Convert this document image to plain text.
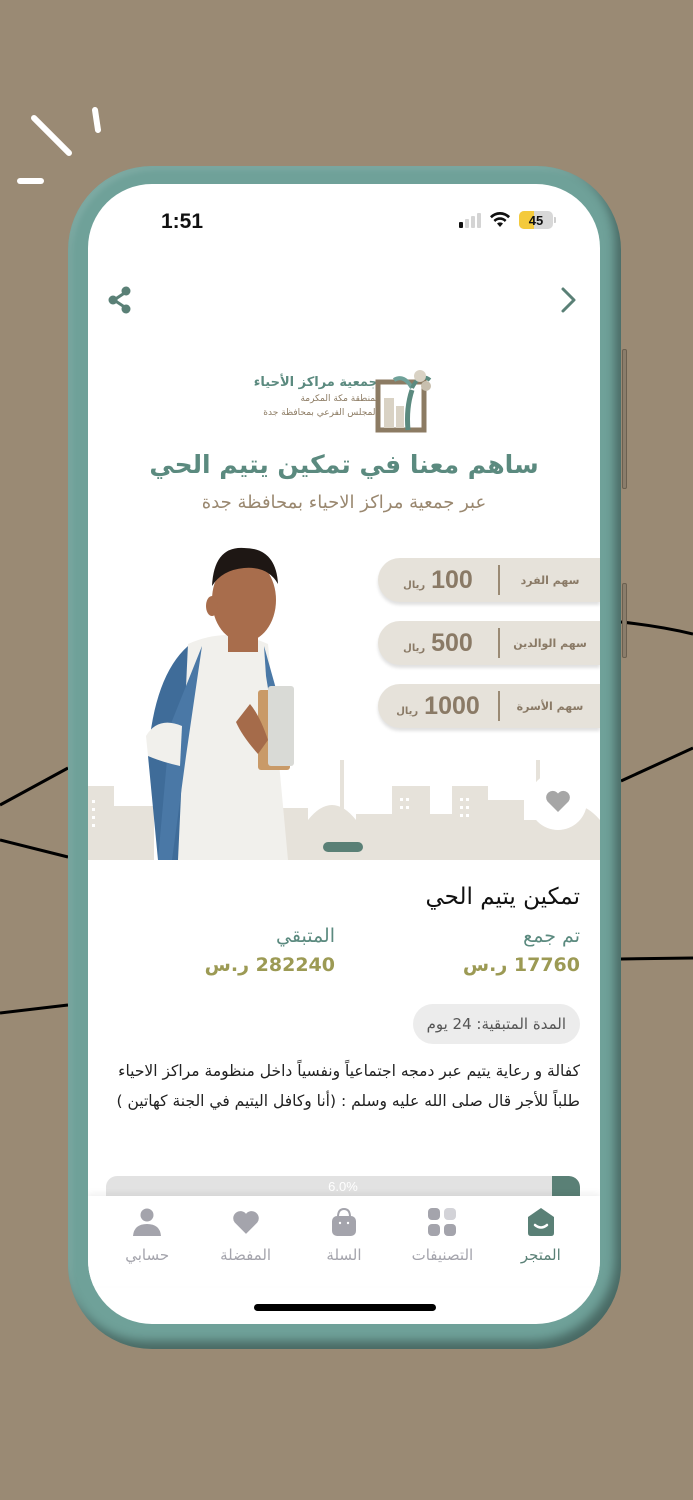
1:51	45
جمعية مراكز الأحياء
بمنطقة مكة المكرمة
المجلس الفرعي بمحافظة جدة
ساهم معنا في تمكين يتيم الحي
عبر جمعية مراكز الاحياء بمحافظة جدة
سهم الفرد
100
ريال
سهم الوالدين
500
ريال
سهم الأسرة
1000
ريال
تمكين يتيم الحي
تم جمع
17760 ر.س
المتبقي
282240 ر.س
المدة المتبقية: 24 يوم
كفالة و رعاية يتيم عبر دمجه اجتماعياً ونفسياً داخل منظومة مراكز الاحياء طلباً للأجر قال صلى الله عليه وسلم : (أنا وكافل اليتيم في الجنة كهاتين )
6.0%
المتجر
التصنيفات
السلة
المفضلة
حسابي
